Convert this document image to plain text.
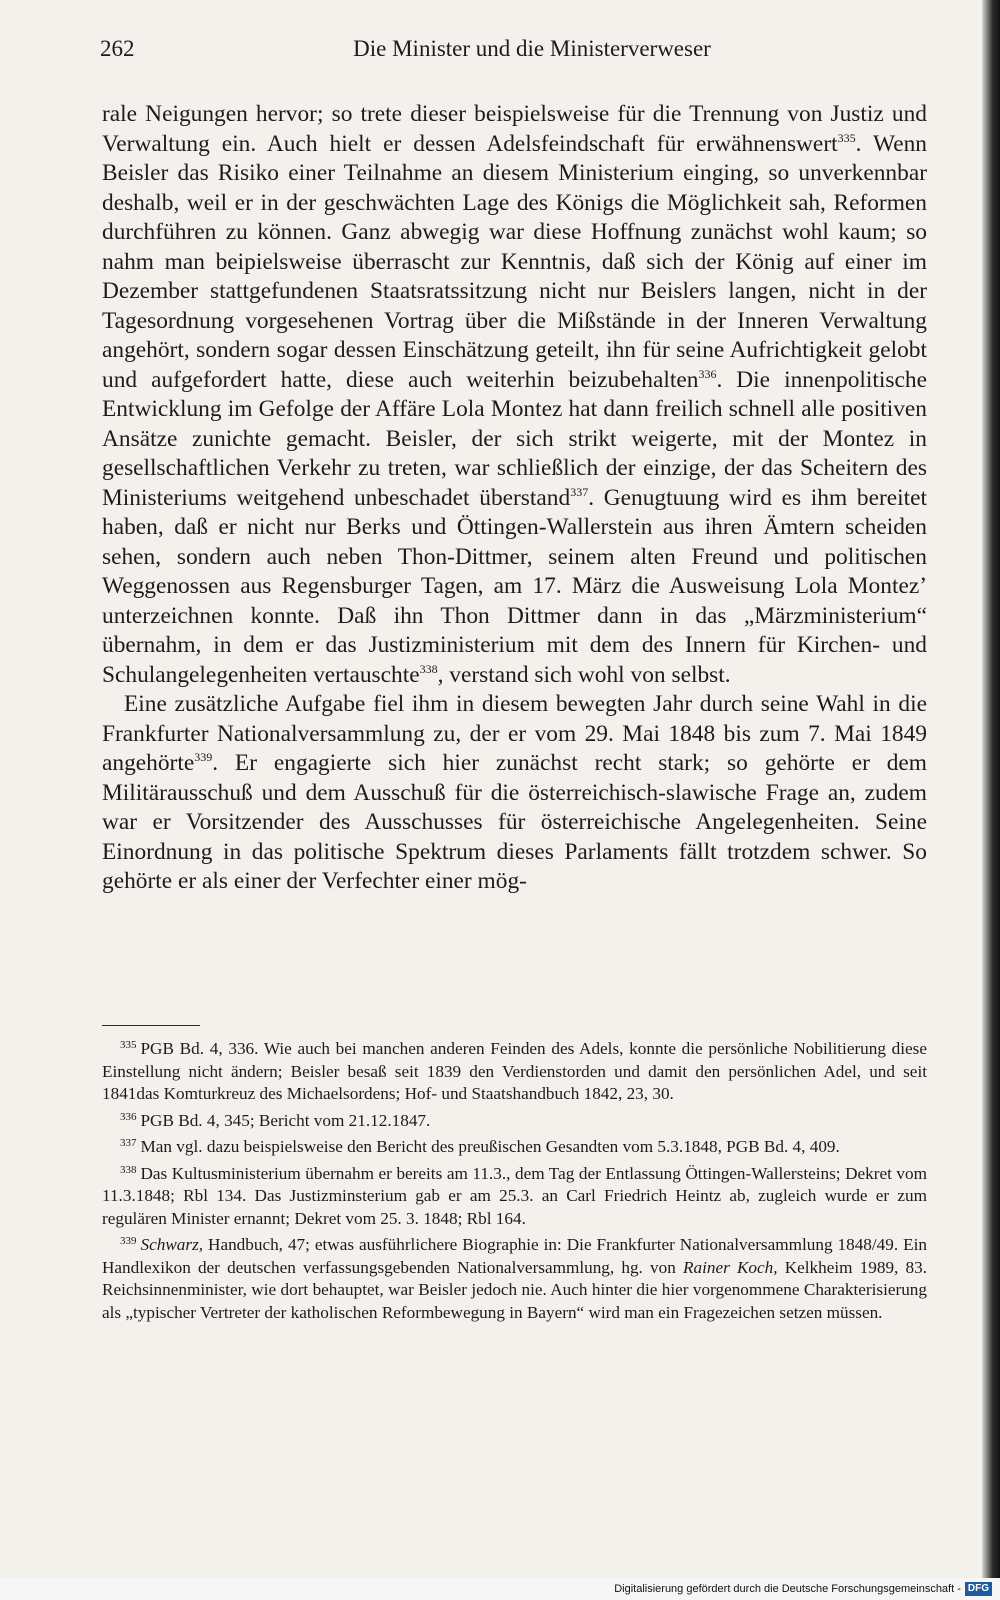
262	Die Minister und die Ministerverweser

rale Neigungen hervor; so trete dieser beispielsweise für die Trennung von Justiz und Verwaltung ein. Auch hielt er dessen Adelsfeindschaft für erwähnenswert$^{335}$. Wenn Beisler das Risiko einer Teilnahme an diesem Ministerium einging, so unverkennbar deshalb, weil er in der geschwächten Lage des Königs die Möglichkeit sah, Reformen durchführen zu können. Ganz abwegig war diese Hoffnung zunächst wohl kaum; so nahm man beipielsweise überrascht zur Kenntnis, daß sich der König auf einer im Dezember stattgefundenen Staatsratssitzung nicht nur Beislers langen, nicht in der Tagesordnung vorgesehenen Vortrag über die Mißstände in der Inneren Verwaltung angehört, sondern sogar dessen Einschätzung geteilt, ihn für seine Aufrichtigkeit gelobt und aufgefordert hatte, diese auch weiterhin beizubehalten$^{336}$. Die innenpolitische Entwicklung im Gefolge der Affäre Lola Montez hat dann freilich schnell alle positiven Ansätze zunichte gemacht. Beisler, der sich strikt weigerte, mit der Montez in gesellschaftlichen Verkehr zu treten, war schließlich der einzige, der das Scheitern des Ministeriums weitgehend unbeschadet überstand$^{337}$. Genugtuung wird es ihm bereitet haben, daß er nicht nur Berks und Öttingen-Wallerstein aus ihren Ämtern scheiden sehen, sondern auch neben Thon-Dittmer, seinem alten Freund und politischen Weggenossen aus Regensburger Tagen, am 17. März die Ausweisung Lola Montez’ unterzeichnen konnte. Daß ihn Thon Dittmer dann in das „Märzministerium“ übernahm, in dem er das Justizministerium mit dem des Innern für Kirchen- und Schulangelegenheiten vertauschte$^{338}$, verstand sich wohl von selbst.

Eine zusätzliche Aufgabe fiel ihm in diesem bewegten Jahr durch seine Wahl in die Frankfurter Nationalversammlung zu, der er vom 29. Mai 1848 bis zum 7. Mai 1849 angehörte$^{339}$. Er engagierte sich hier zunächst recht stark; so gehörte er dem Militärausschuß und dem Ausschuß für die österreichisch-slawische Frage an, zudem war er Vorsitzender des Ausschusses für österreichische Angelegenheiten. Seine Einordnung in das politische Spektrum dieses Parlaments fällt trotzdem schwer. So gehörte er als einer der Verfechter einer mög-

$^{335}$ PGB Bd. 4, 336. Wie auch bei manchen anderen Feinden des Adels, konnte die persönliche Nobilitierung diese Einstellung nicht ändern; Beisler besaß seit 1839 den Verdienstorden und damit den persönlichen Adel, und seit 1841das Komturkreuz des Michaelsordens; Hof- und Staatshandbuch 1842, 23, 30.

$^{336}$ PGB Bd. 4, 345; Bericht vom 21.12.1847.

$^{337}$ Man vgl. dazu beispielsweise den Bericht des preußischen Gesandten vom 5.3.1848, PGB Bd. 4, 409.

$^{338}$ Das Kultusministerium übernahm er bereits am 11.3., dem Tag der Entlassung Öttingen-Wallersteins; Dekret vom 11.3.1848; Rbl 134. Das Justizminsterium gab er am 25.3. an Carl Friedrich Heintz ab, zugleich wurde er zum regulären Minister ernannt; Dekret vom 25. 3. 1848; Rbl 164.

$^{339}$ Schwarz, Handbuch, 47; etwas ausführlichere Biographie in: Die Frankfurter Nationalversammlung 1848/49. Ein Handlexikon der deutschen verfassungsgebenden Nationalversammlung, hg. von Rainer Koch, Kelkheim 1989, 83. Reichsinnenminister, wie dort behauptet, war Beisler jedoch nie. Auch hinter die hier vorgenommene Charakterisierung als „typischer Vertreter der katholischen Reformbewegung in Bayern“ wird man ein Fragezeichen setzen müssen.

Digitalisierung gefördert durch die Deutsche Forschungsgemeinschaft - DFG
